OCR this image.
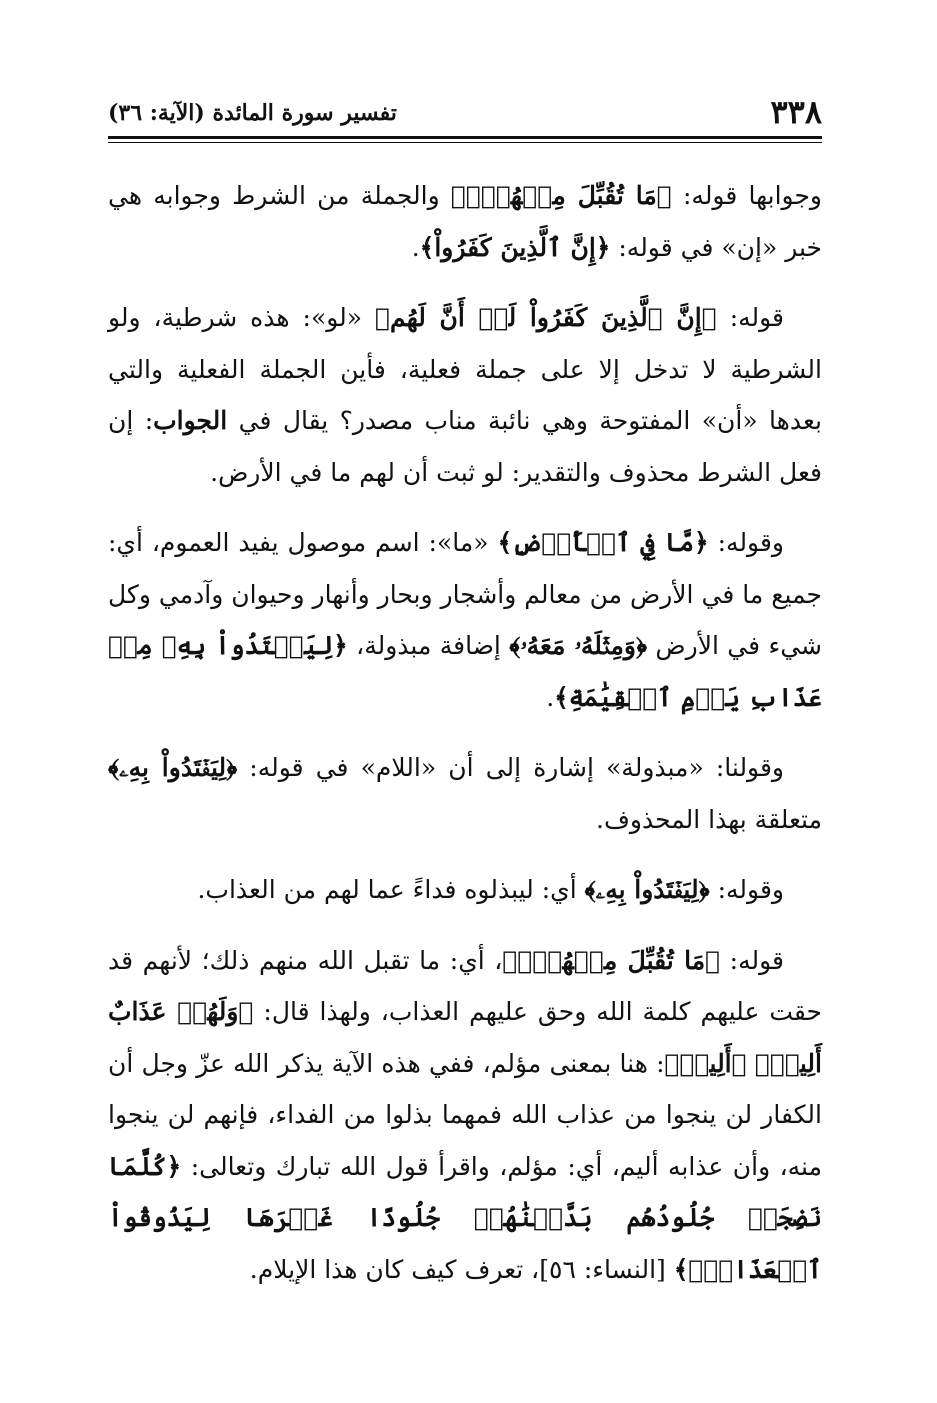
٣٣٨
تفسير سورة المائدة (الآية: ٣٦)

وجوابها قوله: ﴿مَا تُقُبِّلَ مِنۡهُمۡۖ﴾ والجملة من الشرط وجوابه هي خبر «إن» في قوله: ﴿إِنَّ ٱلَّذِينَ كَفَرُواْ﴾.

قوله: ﴿إِنَّ ٱلَّذِينَ كَفَرُواْ لَوۡ أَنَّ لَهُم﴾ «لو»: هذه شرطية، ولو الشرطية لا تدخل إلا على جملة فعلية، فأين الجملة الفعلية والتي بعدها «أن» المفتوحة وهي نائبة مناب مصدر؟ يقال في الجواب: إن فعل الشرط محذوف والتقدير: لو ثبت أن لهم ما في الأرض.

وقوله: ﴿مَّا فِي ٱلۡأَرۡضِ﴾ «ما»: اسم موصول يفيد العموم، أي: جميع ما في الأرض من معالم وأشجار وبحار وأنهار وحيوان وآدمي وكل شيء في الأرض ﴿وَمِثۡلَهُۥ مَعَهُۥ﴾ إضافة مبذولة، ﴿لِيَفۡتَدُواْ بِهِۦ مِنۡ عَذَابِ يَوۡمِ ٱلۡقِيَٰمَةِ﴾.

وقولنا: «مبذولة» إشارة إلى أن «اللام» في قوله: ﴿لِيَفۡتَدُواْ بِهِۦ﴾ متعلقة بهذا المحذوف.

وقوله: ﴿لِيَفۡتَدُواْ بِهِۦ﴾ أي: ليبذلوه فداءً عما لهم من العذاب.

قوله: ﴿مَا تُقُبِّلَ مِنۡهُمۡۖ﴾، أي: ما تقبل الله منهم ذلك؛ لأنهم قد حقت عليهم كلمة الله وحق عليهم العذاب، ولهذا قال: ﴿وَلَهُمۡ عَذَابٌ أَلِيمٞ﴾ ﴿أَلِيمٞ﴾: هنا بمعنى مؤلم، ففي هذه الآية يذكر الله عزّ وجل أن الكفار لن ينجوا من عذاب الله فمهما بذلوا من الفداء، فإنهم لن ينجوا منه، وأن عذابه أليم، أي: مؤلم، واقرأ قول الله تبارك وتعالى: ﴿كُلَّمَا نَضِجَتۡ جُلُودُهُم بَدَّلۡنَٰهُمۡ جُلُودًا غَيۡرَهَا لِيَذُوقُواْ ٱلۡعَذَابَۗ﴾ [النساء: ٥٦]، تعرف كيف كان هذا الإيلام.
